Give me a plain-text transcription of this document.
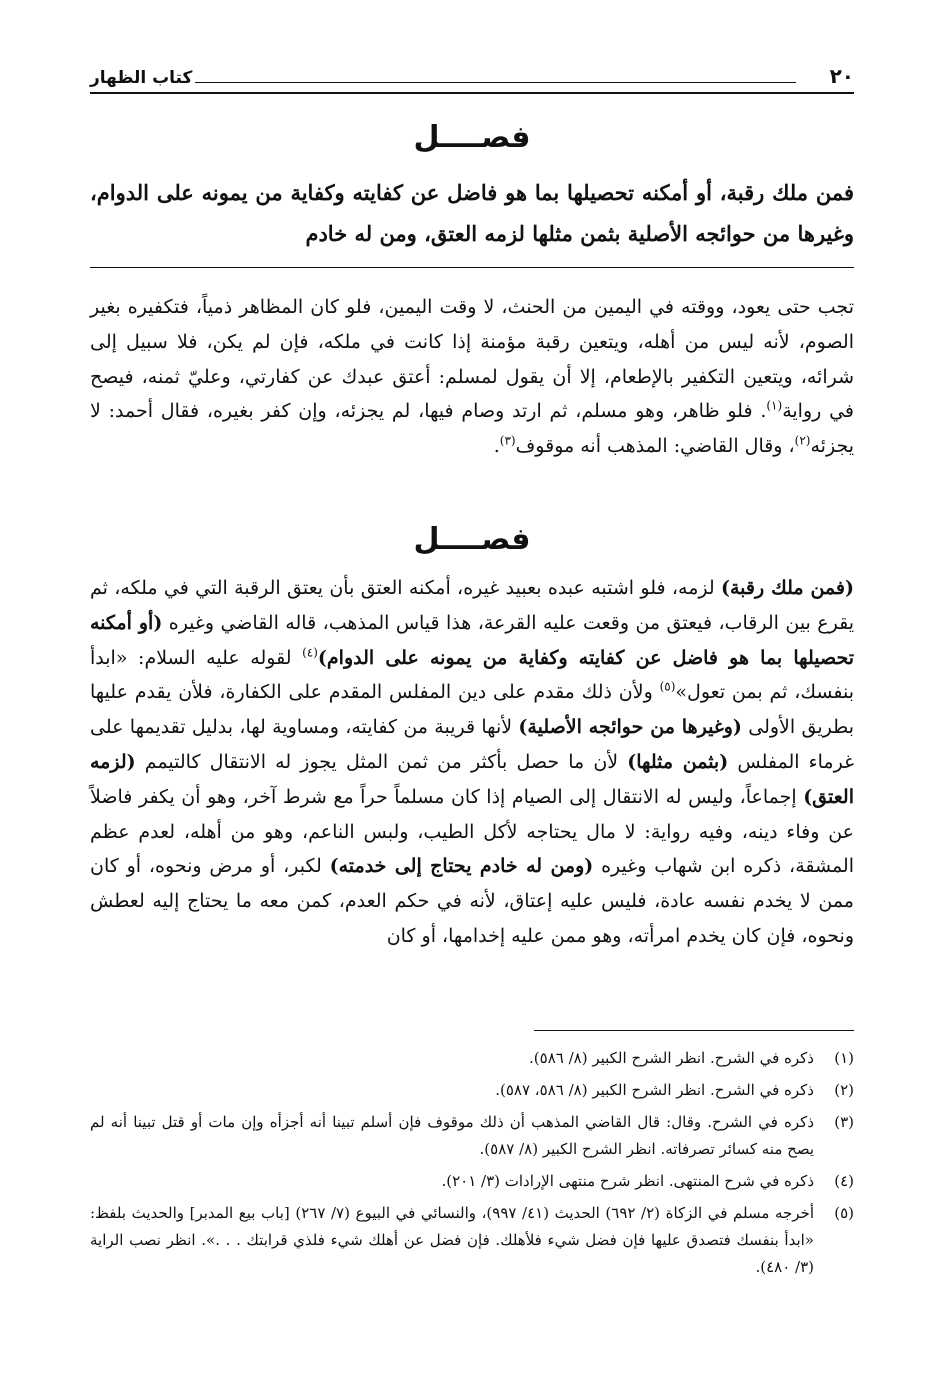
٢٠
كتاب الظهار
فصــــل

فمن ملك رقبة، أو أمكنه تحصيلها بما هو فاضل عن كفايته وكفاية من يمونه على الدوام، وغيرها من حوائجه الأصلية بثمن مثلها لزمه العتق، ومن له خادم

تجب حتى يعود، ووقته في اليمين من الحنث، لا وقت اليمين، فلو كان المظاهر ذمياً، فتكفيره بغير الصوم، لأنه ليس من أهله، ويتعين رقبة مؤمنة إذا كانت في ملكه، فإن لم يكن، فلا سبيل إلى شرائه، ويتعين التكفير بالإطعام، إلا أن يقول لمسلم: أعتق عبدك عن كفارتي، وعليّ ثمنه، فيصح في رواية$^{(١)}$. فلو ظاهر، وهو مسلم، ثم ارتد وصام فيها، لم يجزئه، وإن كفر بغيره، فقال أحمد: لا يجزئه$^{(٢)}$، وقال القاضي: المذهب أنه موقوف$^{(٣)}$.

فصــــل

(فمن ملك رقبة) لزمه، فلو اشتبه عبده بعبيد غيره، أمكنه العتق بأن يعتق الرقبة التي في ملكه، ثم يقرع بين الرقاب، فيعتق من وقعت عليه القرعة، هذا قياس المذهب، قاله القاضي وغيره (أو أمكنه تحصيلها بما هو فاضل عن كفايته وكفاية من يمونه على الدوام)$^{(٤)}$ لقوله عليه السلام: «ابدأ بنفسك، ثم بمن تعول»$^{(٥)}$ ولأن ذلك مقدم على دين المفلس المقدم على الكفارة، فلأن يقدم عليها بطريق الأولى (وغيرها من حوائجه الأصلية) لأنها قريبة من كفايته، ومساوية لها، بدليل تقديمها على غرماء المفلس (بثمن مثلها) لأن ما حصل بأكثر من ثمن المثل يجوز له الانتقال كالتيمم (لزمه العتق) إجماعاً، وليس له الانتقال إلى الصيام إذا كان مسلماً حراً مع شرط آخر، وهو أن يكفر فاضلاً عن وفاء دينه، وفيه رواية: لا مال يحتاجه لأكل الطيب، ولبس الناعم، وهو من أهله، لعدم عظم المشقة، ذكره ابن شهاب وغيره (ومن له خادم يحتاج إلى خدمته) لكبر، أو مرض ونحوه، أو كان ممن لا يخدم نفسه عادة، فليس عليه إعتاق، لأنه في حكم العدم، كمن معه ما يحتاج إليه لعطش ونحوه، فإن كان يخدم امرأته، وهو ممن عليه إخدامها، أو كان

(١)
ذكره في الشرح. انظر الشرح الكبير (٨/ ٥٨٦).
(٢)
ذكره في الشرح. انظر الشرح الكبير (٨/ ٥٨٦، ٥٨٧).
(٣)
ذكره في الشرح. وقال: قال القاضي المذهب أن ذلك موقوف فإن أسلم تبينا أنه أجزأه وإن مات أو قتل تبينا أنه لم يصح منه كسائر تصرفاته. انظر الشرح الكبير (٨/ ٥٨٧).
(٤)
ذكره في شرح المنتهى. انظر شرح منتهى الإرادات (٣/ ٢٠١).
(٥)
أخرجه مسلم في الزكاة (٢/ ٦٩٢) الحديث (٤١/ ٩٩٧)، والنسائي في البيوع (٧/ ٢٦٧) [باب بيع المدبر] والحديث بلفظ: «ابدأ بنفسك فتصدق عليها فإن فضل شيء فلأهلك. فإن فضل عن أهلك شيء فلذي قرابتك . . .». انظر نصب الراية (٣/ ٤٨٠).
